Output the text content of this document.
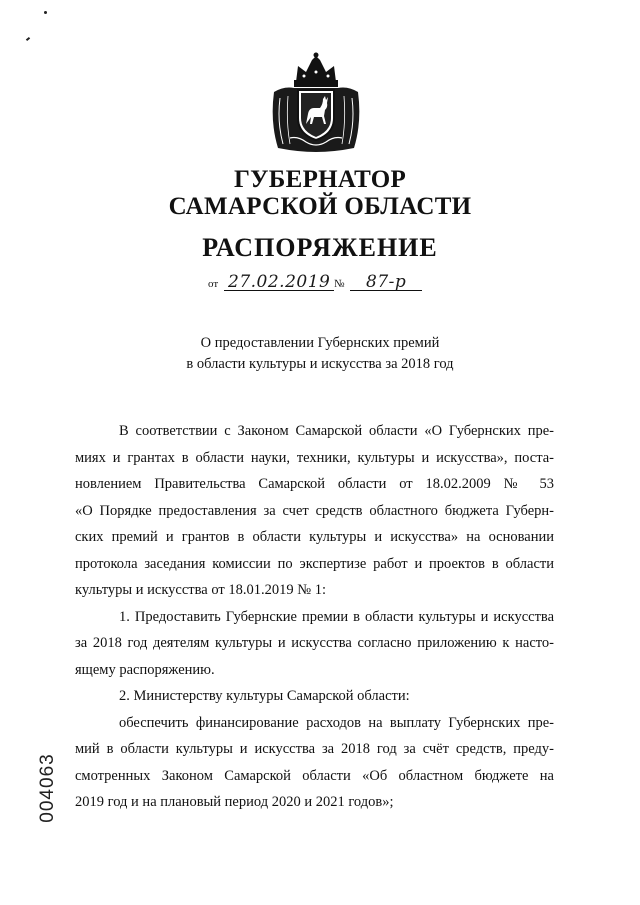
ГУБЕРНАТОР
САМАРСКОЙ ОБЛАСТИ
РАСПОРЯЖЕНИЕ
от 27.02.2019 № 87-р
О предоставлении Губернских премий
в области культуры и искусства за 2018 год
В соответствии с Законом Самарской области «О Губернских пре-
миях и грантах в области науки, техники, культуры и искусства», поста-
новлением Правительства Самарской области от 18.02.2009 № 53
«О Порядке предоставления за счет средств областного бюджета Губерн-
ских премий и грантов в области культуры и искусства» на основании
протокола заседания комиссии по экспертизе работ и проектов в области
культуры и искусства от 18.01.2019 № 1:
1. Предоставить Губернские премии в области культуры и искусства
за 2018 год деятелям культуры и искусства согласно приложению к насто-
ящему распоряжению.
2. Министерству культуры Самарской области:
обеспечить финансирование расходов на выплату Губернских пре-
мий в области культуры и искусства за 2018 год за счёт средств, преду-
смотренных Законом Самарской области «Об областном бюджете на
2019 год и на плановый период 2020 и 2021 годов»;
004063
